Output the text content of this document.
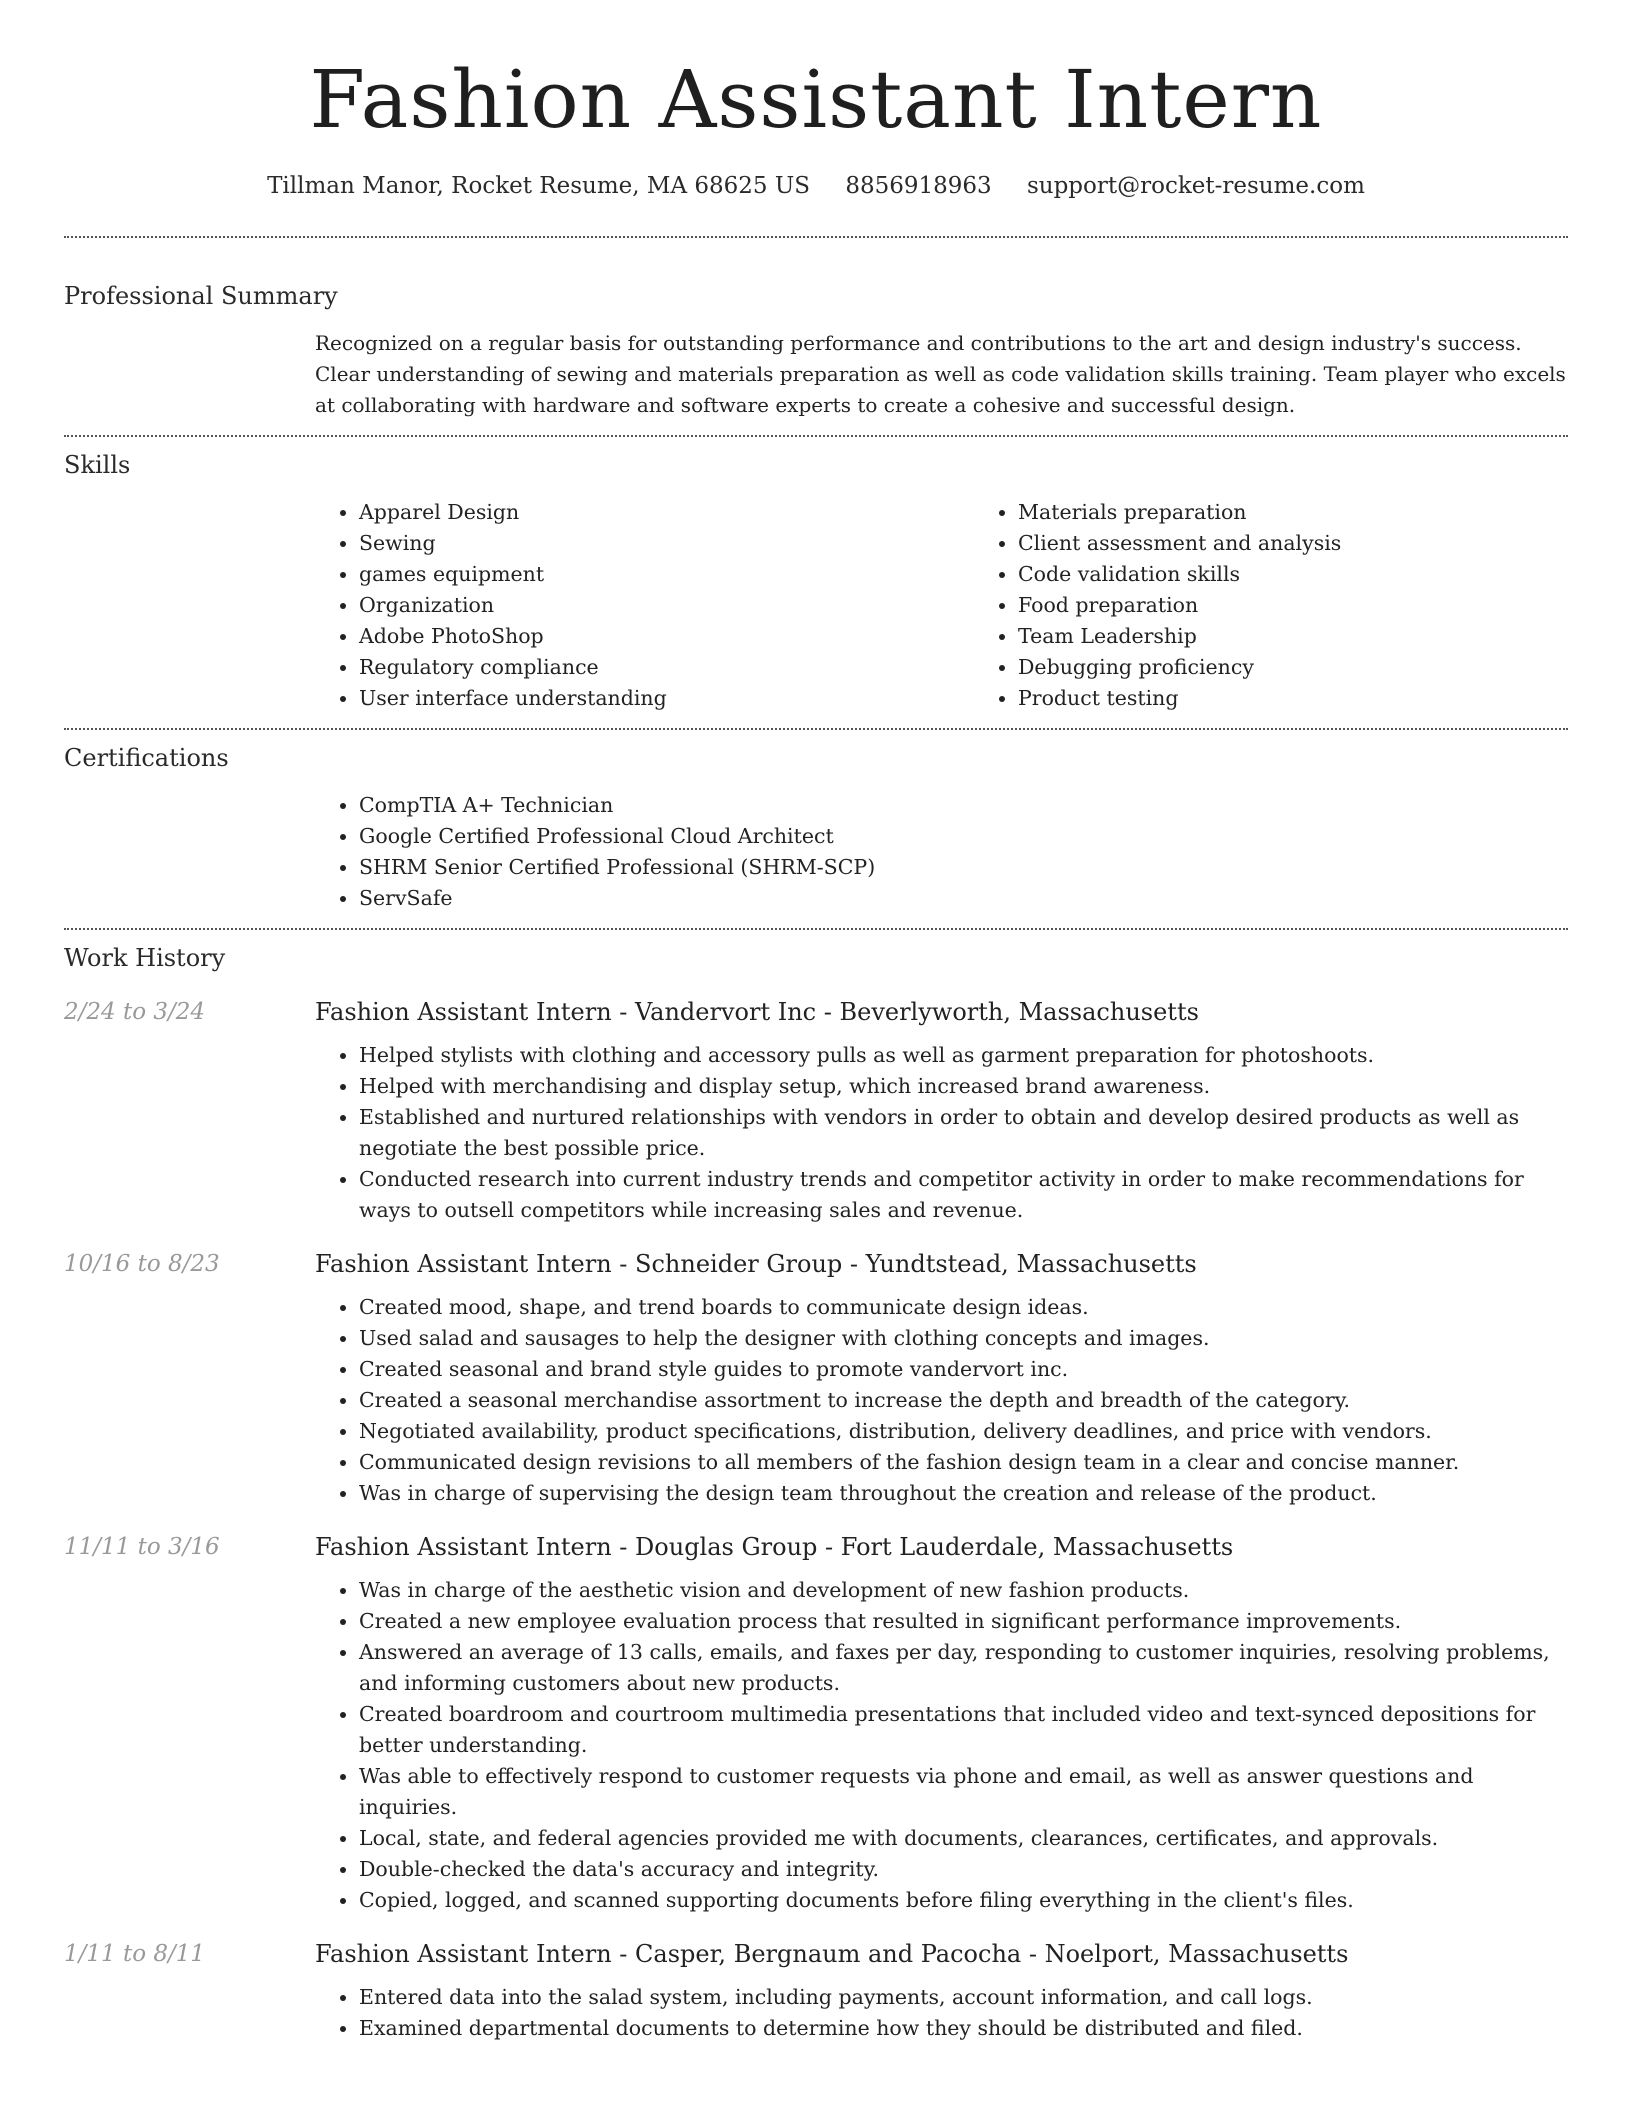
Fashion Assistant Intern
Tillman Manor, Rocket Resume, MA 68625 US 8856918963 support@rocket-resume.com
Professional Summary

Recognized on a regular basis for outstanding performance and contributions to the art and design industry's success. Clear understanding of sewing and materials preparation as well as code validation skills training. Team player who excels at collaborating with hardware and software experts to create a cohesive and successful design.

Skills
• Apparel Design
• Sewing
• games equipment
• Organization
• Adobe PhotoShop
• Regulatory compliance
• User interface understanding
• Materials preparation
• Client assessment and analysis
• Code validation skills
• Food preparation
• Team Leadership
• Debugging proficiency
• Product testing
Certifications
• CompTIA A+ Technician
• Google Certified Professional Cloud Architect
• SHRM Senior Certified Professional (SHRM-SCP)
• ServSafe
Work History
2/24 to 3/24	Fashion Assistant Intern - Vandervort Inc - Beverlyworth, Massachusetts
• Helped stylists with clothing and accessory pulls as well as garment preparation for photoshoots.
• Helped with merchandising and display setup, which increased brand awareness.
• Established and nurtured relationships with vendors in order to obtain and develop desired products as well as negotiate the best possible price.
• Conducted research into current industry trends and competitor activity in order to make recommendations for ways to outsell competitors while increasing sales and revenue.
10/16 to 8/23	Fashion Assistant Intern - Schneider Group - Yundtstead, Massachusetts
• Created mood, shape, and trend boards to communicate design ideas.
• Used salad and sausages to help the designer with clothing concepts and images.
• Created seasonal and brand style guides to promote vandervort inc.
• Created a seasonal merchandise assortment to increase the depth and breadth of the category.
• Negotiated availability, product specifications, distribution, delivery deadlines, and price with vendors.
• Communicated design revisions to all members of the fashion design team in a clear and concise manner.
• Was in charge of supervising the design team throughout the creation and release of the product.
11/11 to 3/16	Fashion Assistant Intern - Douglas Group - Fort Lauderdale, Massachusetts
• Was in charge of the aesthetic vision and development of new fashion products.
• Created a new employee evaluation process that resulted in significant performance improvements.
• Answered an average of 13 calls, emails, and faxes per day, responding to customer inquiries, resolving problems, and informing customers about new products.
• Created boardroom and courtroom multimedia presentations that included video and text-synced depositions for better understanding.
• Was able to effectively respond to customer requests via phone and email, as well as answer questions and inquiries.
• Local, state, and federal agencies provided me with documents, clearances, certificates, and approvals.
• Double-checked the data's accuracy and integrity.
• Copied, logged, and scanned supporting documents before filing everything in the client's files.
1/11 to 8/11	Fashion Assistant Intern - Casper, Bergnaum and Pacocha - Noelport, Massachusetts
• Entered data into the salad system, including payments, account information, and call logs.
• Examined departmental documents to determine how they should be distributed and filed.
